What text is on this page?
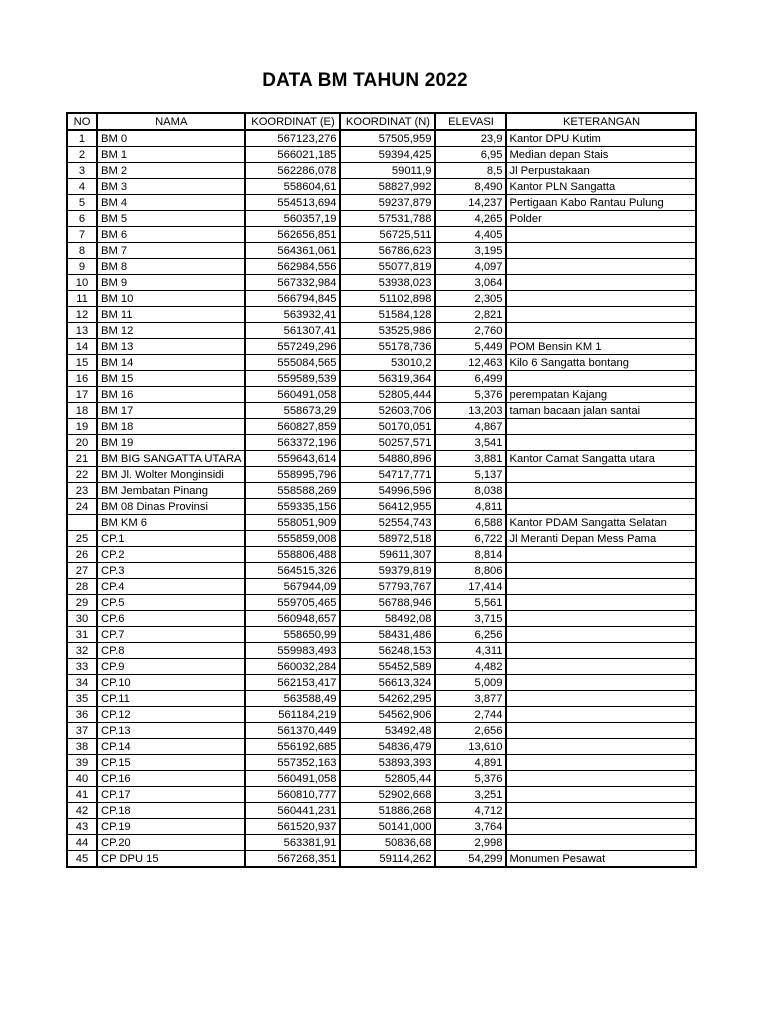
DATA BM TAHUN 2022
NO	NAMA	KOORDINAT (E)	KOORDINAT (N)	ELEVASI	KETERANGAN
1	BM 0	567123,276	57505,959	23,9	Kantor DPU Kutim
2	BM 1	566021,185	59394,425	6,95	Median depan Stais
3	BM 2	562286,078	59011,9	8,5	Jl Perpustakaan
4	BM 3	558604,61	58827,992	8,490	Kantor PLN Sangatta
5	BM 4	554513,694	59237,879	14,237	Pertigaan Kabo Rantau Pulung
6	BM 5	560357,19	57531,788	4,265	Polder
7	BM 6	562656,851	56725,511	4,405	
8	BM 7	564361,061	56786,623	3,195	
9	BM 8	562984,556	55077,819	4,097	
10	BM 9	567332,984	53938,023	3,064	
11	BM 10	566794,845	51102,898	2,305	
12	BM 11	563932,41	51584,128	2,821	
13	BM 12	561307,41	53525,986	2,760	
14	BM 13	557249,296	55178,736	5,449	POM Bensin KM 1
15	BM 14	555084,565	53010,2	12,463	Kilo 6 Sangatta bontang
16	BM 15	559589,539	56319,364	6,499	
17	BM 16	560491,058	52805,444	5,376	perempatan Kajang
18	BM 17	558673,29	52603,706	13,203	taman bacaan jalan santai
19	BM 18	560827,859	50170,051	4,867	
20	BM 19	563372,196	50257,571	3,541	
21	BM BIG SANGATTA UTARA	559643,614	54880,896	3,881	Kantor Camat Sangatta utara
22	BM Jl. Wolter Monginsidi	558995,796	54717,771	5,137	
23	BM Jembatan Pinang	558588,269	54996,596	8,038	
24	BM 08 Dinas Provinsi	559335,156	56412,955	4,811	
	BM KM 6	558051,909	52554,743	6,588	Kantor PDAM Sangatta Selatan
25	CP.1	555859,008	58972,518	6,722	Jl Meranti Depan Mess Pama
26	CP.2	558806,488	59611,307	8,814	
27	CP.3	564515,326	59379,819	8,806	
28	CP.4	567944,09	57793,767	17,414	
29	CP.5	559705,465	56788,946	5,561	
30	CP.6	560948,657	58492,08	3,715	
31	CP.7	558650,99	58431,486	6,256	
32	CP.8	559983,493	56248,153	4,311	
33	CP.9	560032,284	55452,589	4,482	
34	CP.10	562153,417	56613,324	5,009	
35	CP.11	563588,49	54262,295	3,877	
36	CP.12	561184,219	54562,906	2,744	
37	CP.13	561370,449	53492,48	2,656	
38	CP.14	556192,685	54836,479	13,610	
39	CP.15	557352,163	53893,393	4,891	
40	CP.16	560491,058	52805,44	5,376	
41	CP.17	560810,777	52902,668	3,251	
42	CP.18	560441,231	51886,268	4,712	
43	CP.19	561520,937	50141,000	3,764	
44	CP.20	563381,91	50836,68	2,998	
45	CP DPU 15	567268,351	59114,262	54,299	Monumen Pesawat
